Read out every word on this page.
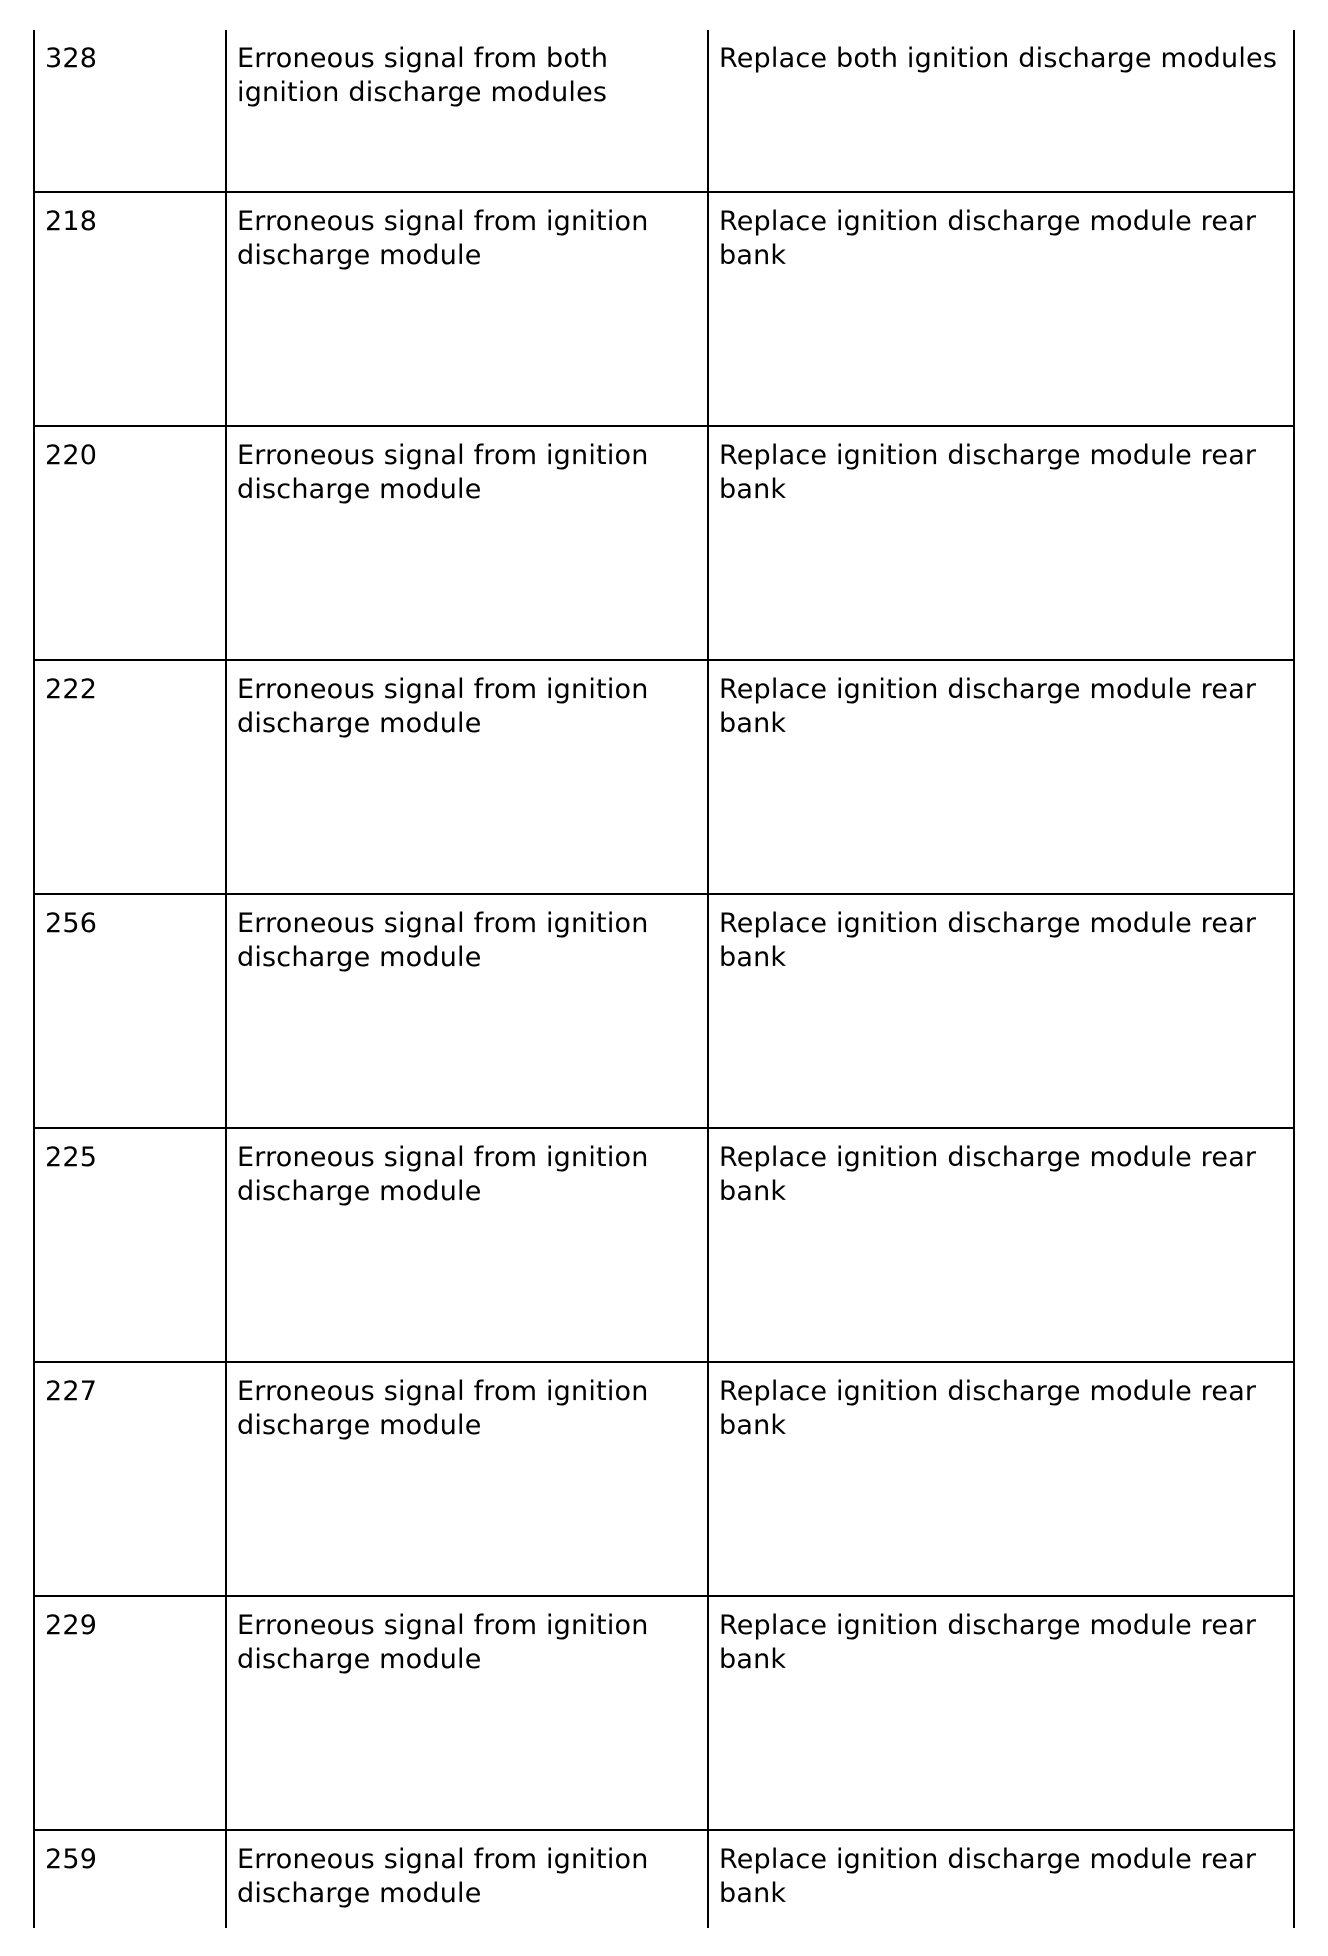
328	Erroneous signal from both ignition discharge modules	Replace both ignition discharge modules
218	Erroneous signal from ignition discharge module	Replace ignition discharge module rear bank
220	Erroneous signal from ignition discharge module	Replace ignition discharge module rear bank
222	Erroneous signal from ignition discharge module	Replace ignition discharge module rear bank
256	Erroneous signal from ignition discharge module	Replace ignition discharge module rear bank
225	Erroneous signal from ignition discharge module	Replace ignition discharge module rear bank
227	Erroneous signal from ignition discharge module	Replace ignition discharge module rear bank
229	Erroneous signal from ignition discharge module	Replace ignition discharge module rear bank
259	Erroneous signal from ignition discharge module	Replace ignition discharge module rear bank
